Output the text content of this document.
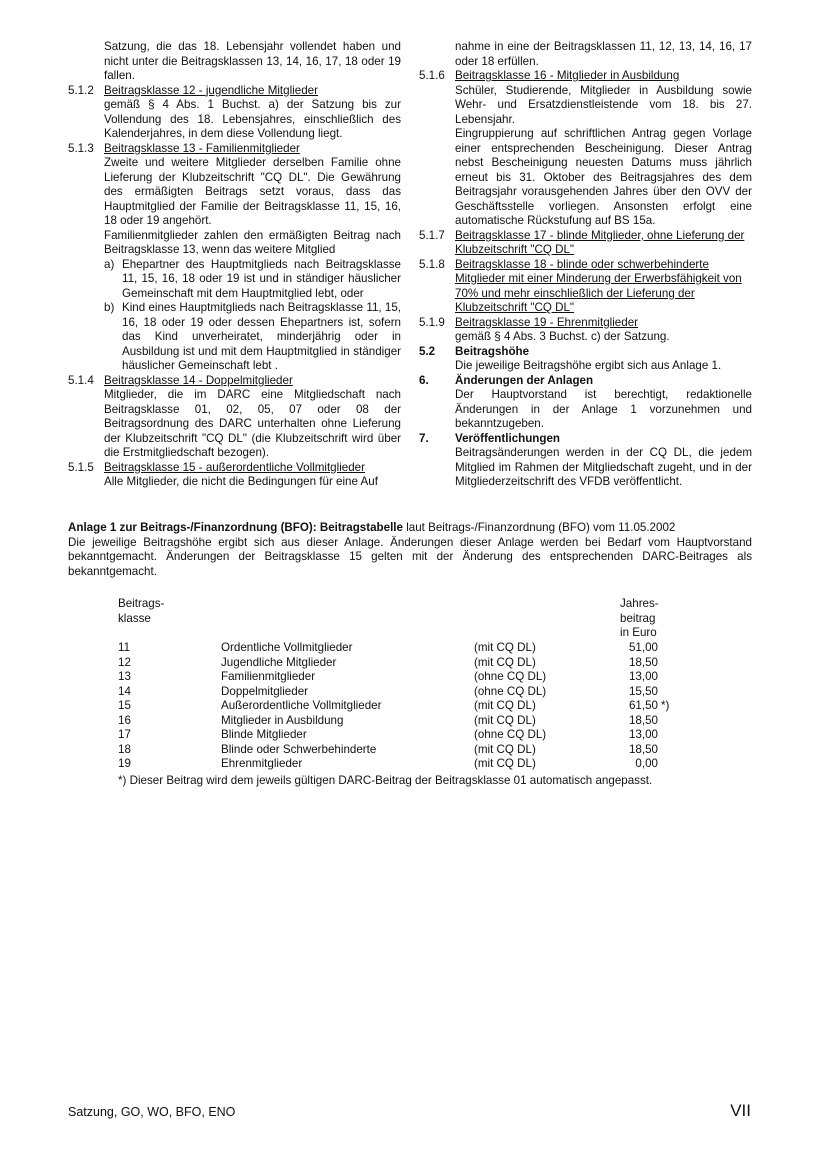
Satzung, die das 18. Lebensjahr vollendet haben und nicht unter die Beitragsklassen 13, 14, 16, 17, 18 oder 19 fallen.
5.1.2 Beitragsklasse 12 - jugendliche Mitglieder
gemäß § 4 Abs. 1 Buchst. a) der Satzung bis zur Vollendung des 18. Lebensjahres, einschließlich des Kalenderjahres, in dem diese Vollendung liegt.
5.1.3 Beitragsklasse 13 - Familienmitglieder
Zweite und weitere Mitglieder derselben Familie ohne Lieferung der Klubzeitschrift "CQ DL". Die Gewährung des ermäßigten Beitrags setzt voraus, dass das Hauptmitglied der Familie der Beitragsklasse 11, 15, 16, 18 oder 19 angehört.
Familienmitglieder zahlen den ermäßigten Beitrag nach Beitragsklasse 13, wenn das weitere Mitglied
a) Ehepartner des Hauptmitglieds nach Beitragsklasse 11, 15, 16, 18 oder 19 ist und in ständiger häuslicher Gemeinschaft mit dem Hauptmitglied lebt, oder
b) Kind eines Hauptmitglieds nach Beitragsklasse 11, 15, 16, 18 oder 19 oder dessen Ehepartners ist, sofern das Kind unverheiratet, minderjährig oder in Ausbildung ist und mit dem Hauptmitglied in ständiger häuslicher Gemeinschaft lebt .
5.1.4 Beitragsklasse 14 - Doppelmitglieder
Mitglieder, die im DARC eine Mitgliedschaft nach Beitragsklasse 01, 02, 05, 07 oder 08 der Beitragsordnung des DARC unterhalten ohne Lieferung der Klubzeitschrift "CQ DL" (die Klubzeitschrift wird über die Erstmitgliedschaft bezogen).
5.1.5 Beitragsklasse 15 - außerordentliche Vollmitglieder
Alle Mitglieder, die nicht die Bedingungen für eine Auf
nahme in eine der Beitragsklassen 11, 12, 13, 14, 16, 17 oder 18 erfüllen.
5.1.6 Beitragsklasse 16 - Mitglieder in Ausbildung
Schüler, Studierende, Mitglieder in Ausbildung sowie Wehr- und Ersatzdienstleistende vom 18. bis 27. Lebensjahr.
Eingruppierung auf schriftlichen Antrag gegen Vorlage einer entsprechenden Bescheinigung. Dieser Antrag nebst Bescheinigung neuesten Datums muss jährlich erneut bis 31. Oktober des Beitragsjahres des dem Beitragsjahr vorausgehenden Jahres über den OVV der Geschäftsstelle vorliegen. Ansonsten erfolgt eine automatische Rückstufung auf BS 15a.
5.1.7 Beitragsklasse 17 - blinde Mitglieder, ohne Lieferung der Klubzeitschrift "CQ DL"
5.1.8 Beitragsklasse 18 - blinde oder schwerbehinderte Mitglieder mit einer Minderung der Erwerbsfähigkeit von 70% und mehr einschließlich der Lieferung der Klubzeitschrift "CQ DL"
5.1.9 Beitragsklasse 19 - Ehrenmitglieder
gemäß § 4 Abs. 3 Buchst. c) der Satzung.
5.2	Beitragshöhe
Die jeweilige Beitragshöhe ergibt sich aus Anlage 1.
6.	Änderungen der Anlagen
Der Hauptvorstand ist berechtigt, redaktionelle Änderungen in der Anlage 1 vorzunehmen und bekanntzugeben.
7.	Veröffentlichungen
Beitragsänderungen werden in der CQ DL, die jedem Mitglied im Rahmen der Mitgliedschaft zugeht, und in der Mitgliederzeitschrift des VFDB veröffentlicht.
Anlage 1 zur Beitrags-/Finanzordnung (BFO): Beitragstabelle laut Beitrags-/Finanzordnung (BFO) vom 11.05.2002
Die jeweilige Beitragshöhe ergibt sich aus dieser Anlage. Änderungen dieser Anlage werden bei Bedarf vom Hauptvorstand bekanntgemacht. Änderungen der Beitragsklasse 15 gelten mit der Änderung des entsprechenden DARC-Beitrages als bekanntgemacht.
Beitrags-
klasse
Jahres-
beitrag
in Euro
11	Ordentliche Vollmitglieder	(mit CQ DL)	51,00
12	Jugendliche Mitglieder	(mit CQ DL)	18,50
13	Familienmitglieder	(ohne CQ DL)	13,00
14	Doppelmitglieder	(ohne CQ DL)	15,50
15	Außerordentliche Vollmitglieder	(mit CQ DL)	61,50 *)
16	Mitglieder in Ausbildung	(mit CQ DL)	18,50
17	Blinde Mitglieder	(ohne CQ DL)	13,00
18	Blinde oder Schwerbehinderte	(mit CQ DL)	18,50
19	Ehrenmitglieder	(mit CQ DL)	0,00
*) Dieser Beitrag wird dem jeweils gültigen DARC-Beitrag der Beitragsklasse 01 automatisch angepasst.
Satzung, GO, WO, BFO, ENO	VII
